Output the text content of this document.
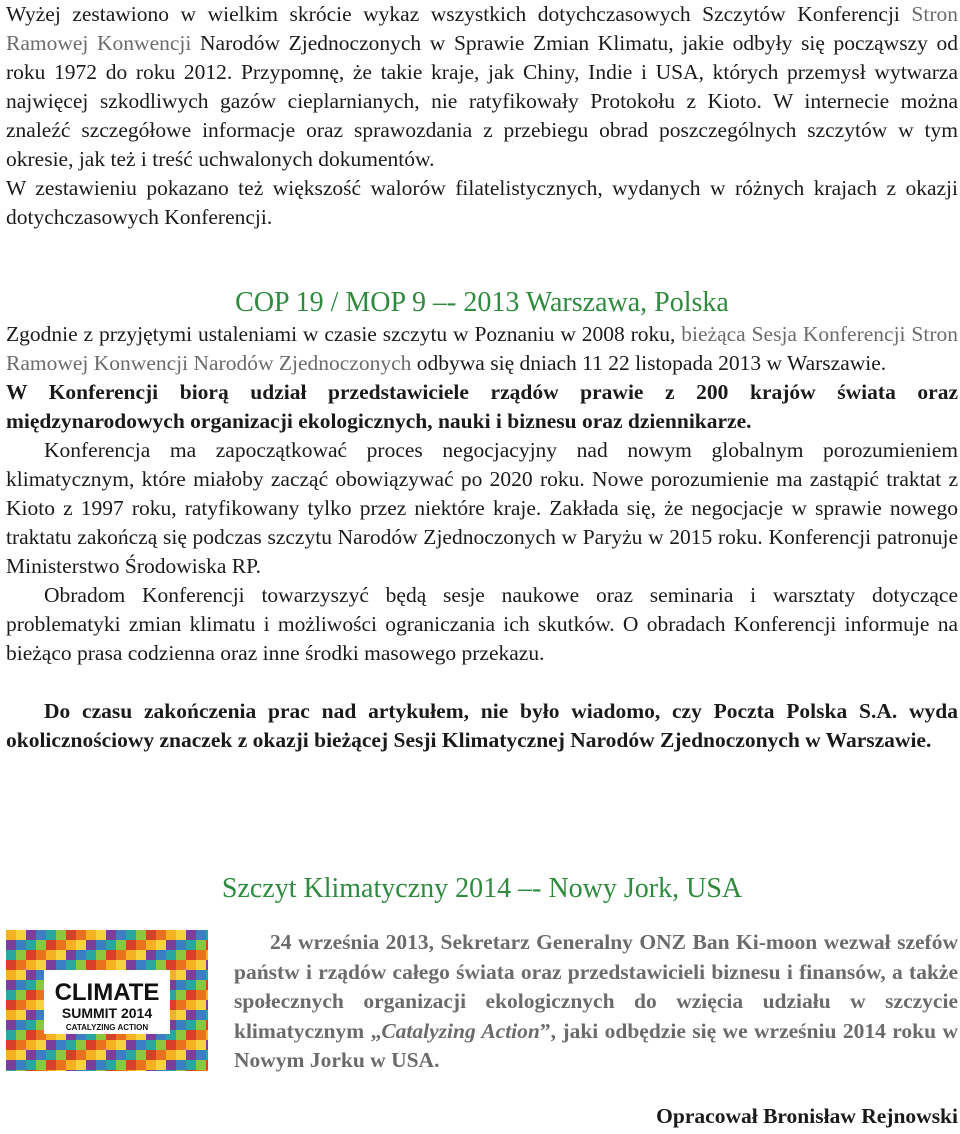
Wyżej zestawiono w wielkim skrócie wykaz wszystkich dotychczasowych Szczytów Konferencji Stron Ramowej Konwencji Narodów Zjednoczonych w Sprawie Zmian Klimatu, jakie odbyły się począwszy od roku 1972 do roku 2012. Przypomnę, że takie kraje, jak Chiny, Indie i USA, których przemysł wytwarza najwięcej szkodliwych gazów cieplarnianych, nie ratyfikowały Protokołu z Kioto. W internecie można znaleźć szczegółowe informacje oraz sprawozdania z przebiegu obrad poszczególnych szczytów w tym okresie, jak też i treść uchwalonych dokumentów.

W zestawieniu pokazano też większość walorów filatelistycznych, wydanych w różnych krajach z okazji dotychczasowych Konferencji.

COP 19 / MOP 9 –- 2013 Warszawa, Polska

Zgodnie z przyjętymi ustaleniami w czasie szczytu w Poznaniu w 2008 roku, bieżąca Sesja Konferencji Stron Ramowej Konwencji Narodów Zjednoczonych odbywa się dniach 11 22 listopada 2013 w Warszawie.

W Konferencji biorą udział przedstawiciele rządów prawie z 200 krajów świata oraz międzynarodowych organizacji ekologicznych, nauki i biznesu oraz dziennikarze.

Konferencja ma zapoczątkować proces negocjacyjny nad nowym globalnym porozumieniem klimatycznym, które miałoby zacząć obowiązywać po 2020 roku. Nowe porozumienie ma zastąpić traktat z Kioto z 1997 roku, ratyfikowany tylko przez niektóre kraje. Zakłada się, że negocjacje w sprawie nowego traktatu zakończą się podczas szczytu Narodów Zjednoczonych w Paryżu w 2015 roku. Konferencji patronuje Ministerstwo Środowiska RP.

Obradom Konferencji towarzyszyć będą sesje naukowe oraz seminaria i warsztaty dotyczące problematyki zmian klimatu i możliwości ograniczania ich skutków. O obradach Konferencji informuje na bieżąco prasa codzienna oraz inne środki masowego przekazu.

Do czasu zakończenia prac nad artykułem, nie było wiadomo, czy Poczta Polska S.A. wyda okolicznościowy znaczek z okazji bieżącej Sesji Klimatycznej Narodów Zjednoczonych w Warszawie.

Szczyt Klimatyczny 2014 –- Nowy Jork, USA
CLIMATE
SUMMIT 2014
CATALYZING ACTION

24 września 2013, Sekretarz Generalny ONZ Ban Ki-moon wezwał szefów państw i rządów całego świata oraz przedstawicieli biznesu i finansów, a także społecznych organizacji ekologicznych do wzięcia udziału w szczycie klimatycznym „Catalyzing Action”, jaki odbędzie się we wrześniu 2014 roku w Nowym Jorku w USA.

Opracował Bronisław Rejnowski
